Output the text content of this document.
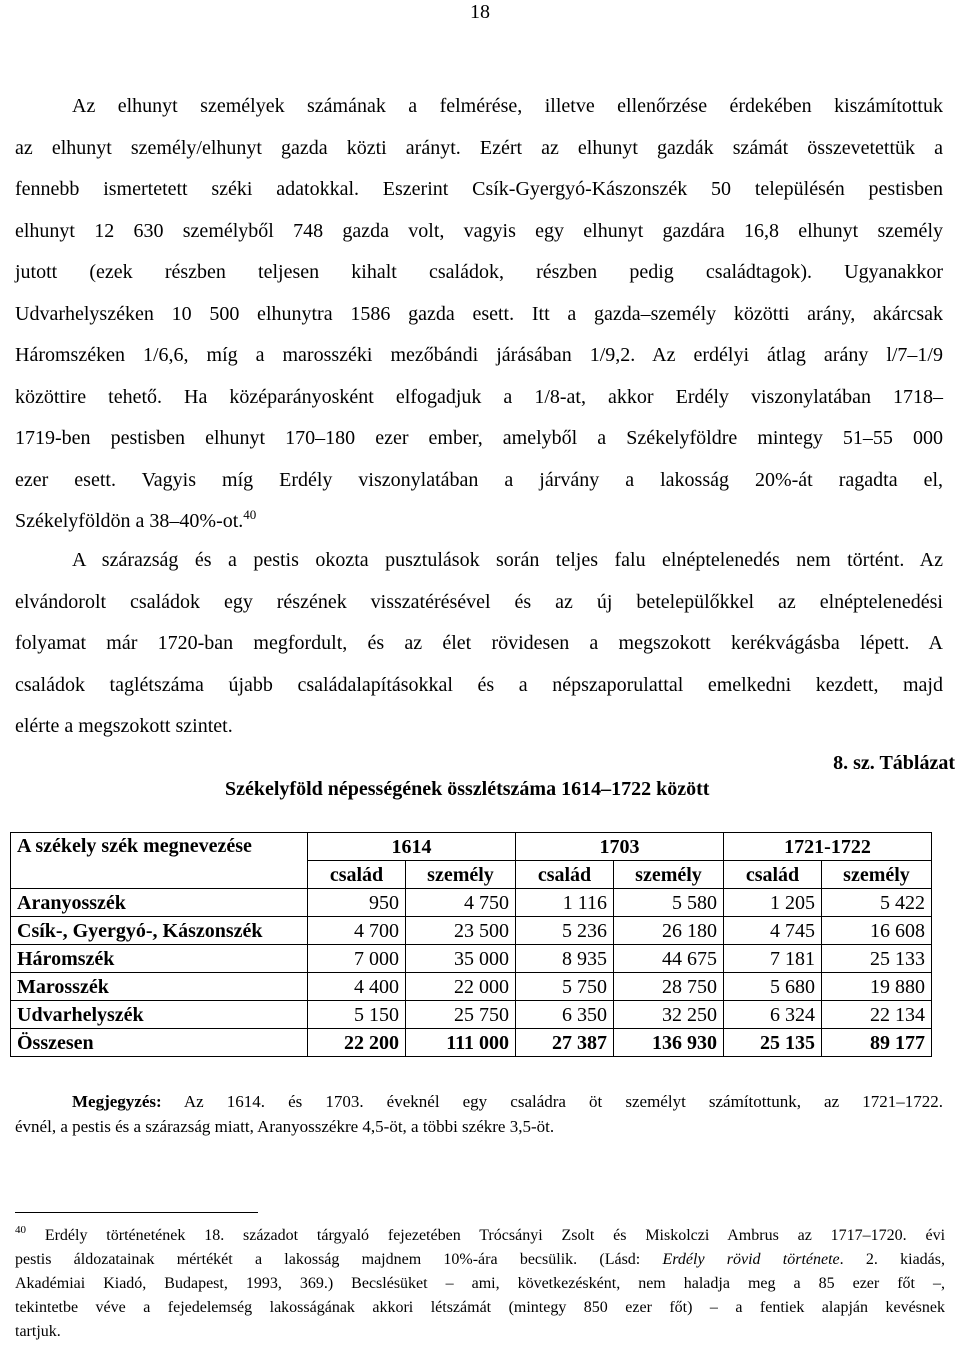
18
Az elhunyt személyek számának a felmérése, illetve ellenőrzése érdekében kiszámítottuk
az elhunyt személy/elhunyt gazda közti arányt. Ezért az elhunyt gazdák számát összevetettük a
fennebb ismertetett széki adatokkal. Eszerint Csík-Gyergyó-Kászonszék 50 településén pestisben
elhunyt 12 630 személyből 748 gazda volt, vagyis egy elhunyt gazdára 16,8 elhunyt személy
jutott (ezek részben teljesen kihalt családok, részben pedig családtagok). Ugyanakkor
Udvarhelyszéken 10 500 elhunytra 1586 gazda esett. Itt a gazda–személy közötti arány, akárcsak
Háromszéken 1/6,6, míg a marosszéki mezőbándi járásában 1/9,2. Az erdélyi átlag arány l/7–1/9
közöttire tehető. Ha középarányosként elfogadjuk a 1/8-at, akkor Erdély viszonylatában 1718–
1719-ben pestisben elhunyt 170–180 ezer ember, amelyből a Székelyföldre mintegy 51–55 000
ezer esett. Vagyis míg Erdély viszonylatában a járvány a lakosság 20%-át ragadta el,
Székelyföldön a 38–40%-ot.$^{40}$
A szárazság és a pestis okozta pusztulások során teljes falu elnéptelenedés nem történt. Az
elvándorolt családok egy részének visszatérésével és az új betelepülőkkel az elnéptelenedési
folyamat már 1720-ban megfordult, és az élet rövidesen a megszokott kerékvágásba lépett. A
családok taglétszáma újabb családalapításokkal és a népszaporulattal emelkedni kezdett, majd
elérte a megszokott szintet.
8. sz. Táblázat
Székelyföld népességének összlétszáma 1614–1722 között
A székely szék megnevezése	1614		1703		1721-1722	
	család	személy	család	személy	család	személy
Aranyosszék	950	4 750	1 116	5 580	1 205	5 422
Csík-, Gyergyó-, Kászonszék	4 700	23 500	5 236	26 180	4 745	16 608
Háromszék	7 000	35 000	8 935	44 675	7 181	25 133
Marosszék	4 400	22 000	5 750	28 750	5 680	19 880
Udvarhelyszék	5 150	25 750	6 350	32 250	6 324	22 134
Összesen	22 200	111 000	27 387	136 930	25 135	89 177
Megjegyzés: Az 1614. és 1703. éveknél egy családra öt személyt számítottunk, az 1721–1722.
évnél, a pestis és a szárazság miatt, Aranyosszékre 4,5-öt, a többi székre 3,5-öt.
$^{40}$ Erdély történetének 18. századot tárgyaló fejezetében Trócsányi Zsolt és Miskolczi Ambrus az 1717–1720. évi
pestis áldozatainak mértékét a lakosság majdnem 10%-ára becsülik. (Lásd: Erdély rövid története. 2. kiadás,
Akadémiai Kiadó, Budapest, 1993, 369.) Becslésüket – ami, következésként, nem haladja meg a 85 ezer főt –,
tekintetbe véve a fejedelemség lakosságának akkori létszámát (mintegy 850 ezer főt) – a fentiek alapján kevésnek
tartjuk.
